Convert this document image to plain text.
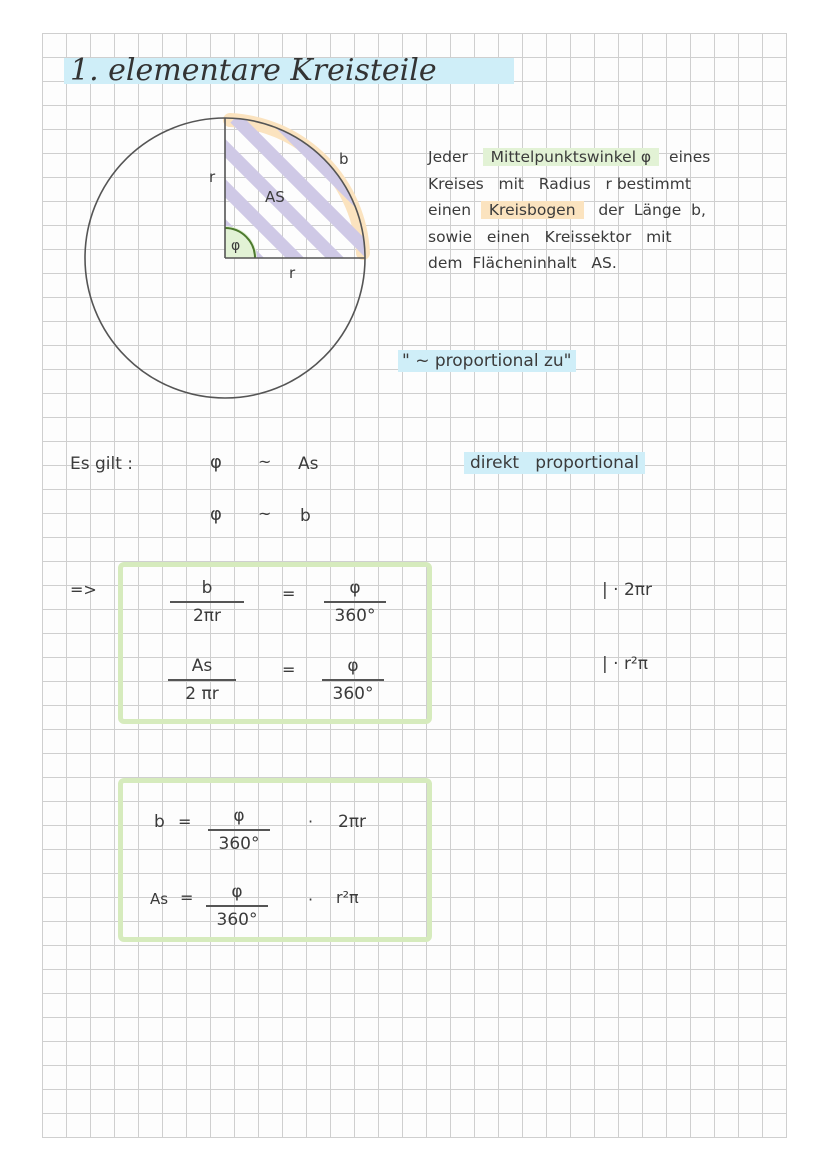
1. elementare Kreisteile
r
r
AS
b
φ
Jeder Mittelpunktswinkel φ eines
Kreises   mit   Radius   r bestimmt
einen Kreisbogen der  Länge  b,
sowie   einen   Kreissektor   mit
dem  Flächeninhalt   AS.
" ~ proportional zu"
Es gilt :	φ ~ As
φ ~ b
direkt   proportional
=>	b
2πr
=	φ
360°
As
2 πr
=	φ
360°
| · 2πr
| · r²π
b =	φ
360°
· 2πr
As =	φ
360°
· r²π
